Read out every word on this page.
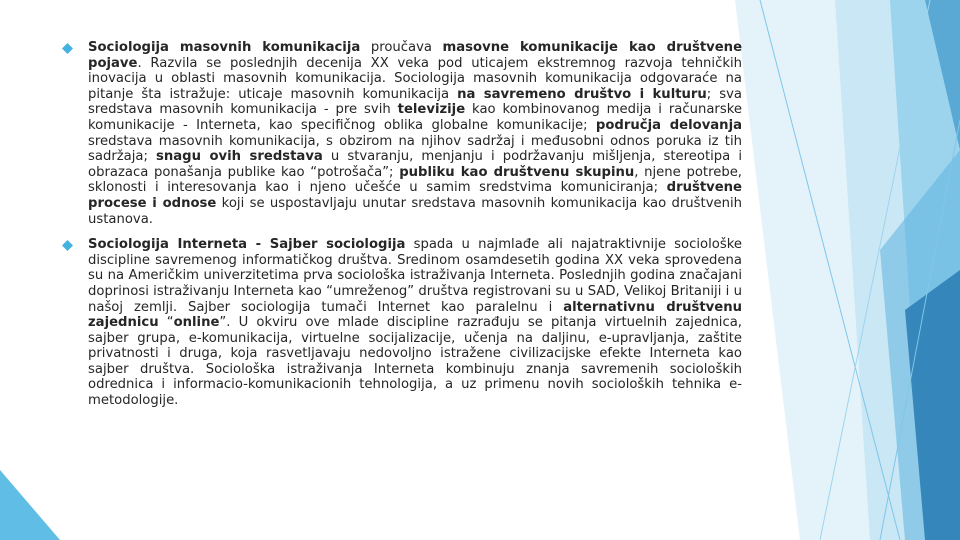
Sociologija masovnih komunikacija proučava masovne komunikacije kao društvene pojave. Razvila se poslednjih decenija XX veka pod uticajem ekstremnog razvoja tehničkih inovacija u oblasti masovnih komunikacija. Sociologija masovnih komunikacija odgovaraće na pitanje šta istražuje: uticaje masovnih komunikacija na savremeno društvo i kulturu; sva sredstava masovnih komunikacija - pre svih televizije kao kombinovanog medija i računarske komunikacije - Interneta, kao specifičnog oblika globalne komunikacije; područja delovanja sredstava masovnih komunikacija, s obzirom na njihov sadržaj i međusobni odnos poruka iz tih sadržaja; snagu ovih sredstava u stvaranju, menjanju i podržavanju mišljenja, stereotipa i obrazaca ponašanja publike kao “potrošača”; publiku kao društvenu skupinu, njene potrebe, sklonosti i interesovanja kao i njeno učešće u samim sredstvima komuniciranja; društvene procese i odnose koji se uspostavljaju unutar sredstava masovnih komunikacija kao društvenih ustanova.
Sociologija Interneta - Sajber sociologija spada u najmlađe ali najatraktivnije sociološke discipline savremenog informatičkog društva. Sredinom osamdesetih godina XX veka sprovedena su na Američkim univerzitetima prva sociološka istraživanja Interneta. Poslednjih godina značajani doprinosi istraživanju Interneta kao “umreženog” društva registrovani su u SAD, Velikoj Britaniji i u našoj zemlji. Sajber sociologija tumači Internet kao paralelnu i alternativnu društvenu zajednicu “online”. U okviru ove mlade discipline razrađuju se pitanja virtuelnih zajednica, sajber grupa, e-komunikacija, virtuelne socijalizacije, učenja na daljinu, e-upravljanja, zaštite privatnosti i druga, koja rasvetljavaju nedovoljno istražene civilizacijske efekte Interneta kao sajber društva. Sociološka istraživanja Interneta kombinuju znanja savremenih socioloških odrednica i informacio-komunikacionih tehnologija, a uz primenu novih socioloških tehnika e-metodologije.
